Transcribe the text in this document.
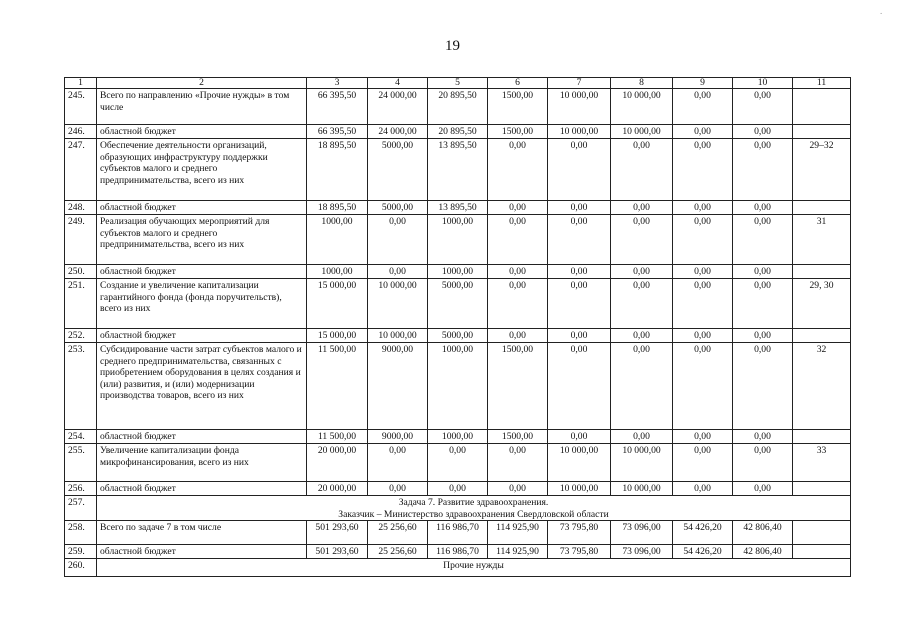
19
.
1	2	3	4	5	6	7	8	9	10	11
245.	Всего по направлению «Прочие нужды» в том числе	66 395,50	24 000,00	20 895,50	1500,00	10 000,00	10 000,00	0,00	0,00	
246.	областной бюджет	66 395,50	24 000,00	20 895,50	1500,00	10 000,00	10 000,00	0,00	0,00	
247.	Обеспечение деятельности организаций, образующих инфраструктуру поддержки субъектов малого и среднего предпринимательства, всего из них	18 895,50	5000,00	13 895,50	0,00	0,00	0,00	0,00	0,00	29–32
248.	областной бюджет	18 895,50	5000,00	13 895,50	0,00	0,00	0,00	0,00	0,00	
249.	Реализация обучающих мероприятий для субъектов малого и среднего предпринимательства, всего из них	1000,00	0,00	1000,00	0,00	0,00	0,00	0,00	0,00	31
250.	областной бюджет	1000,00	0,00	1000,00	0,00	0,00	0,00	0,00	0,00	
251.	Создание и увеличение капитализации гарантийного фонда (фонда поручительств), всего из них	15 000,00	10 000,00	5000,00	0,00	0,00	0,00	0,00	0,00	29, 30
252.	областной бюджет	15 000,00	10 000,00	5000,00	0,00	0,00	0,00	0,00	0,00	
253.	Субсидирование части затрат субъектов малого и среднего предпринимательства, связанных с приобретением оборудования в целях создания и (или) развития, и (или) модернизации производства товаров, всего из них	11 500,00	9000,00	1000,00	1500,00	0,00	0,00	0,00	0,00	32
254.	областной бюджет	11 500,00	9000,00	1000,00	1500,00	0,00	0,00	0,00	0,00	
255.	Увеличение капитализации фонда микрофинансирования, всего из них	20 000,00	0,00	0,00	0,00	10 000,00	10 000,00	0,00	0,00	33
256.	областной бюджет	20 000,00	0,00	0,00	0,00	10 000,00	10 000,00	0,00	0,00	
257.	Задача 7. Развитие здравоохранения.
Заказчик – Министерство здравоохранения Свердловской области									

258.	Всего по задаче 7 в том числе	501 293,60	25 256,60	116 986,70	114 925,90	73 795,80	73 096,00	54 426,20	42 806,40	
259.	областной бюджет	501 293,60	25 256,60	116 986,70	114 925,90	73 795,80	73 096,00	54 426,20	42 806,40	
260.	Прочие нужды									
